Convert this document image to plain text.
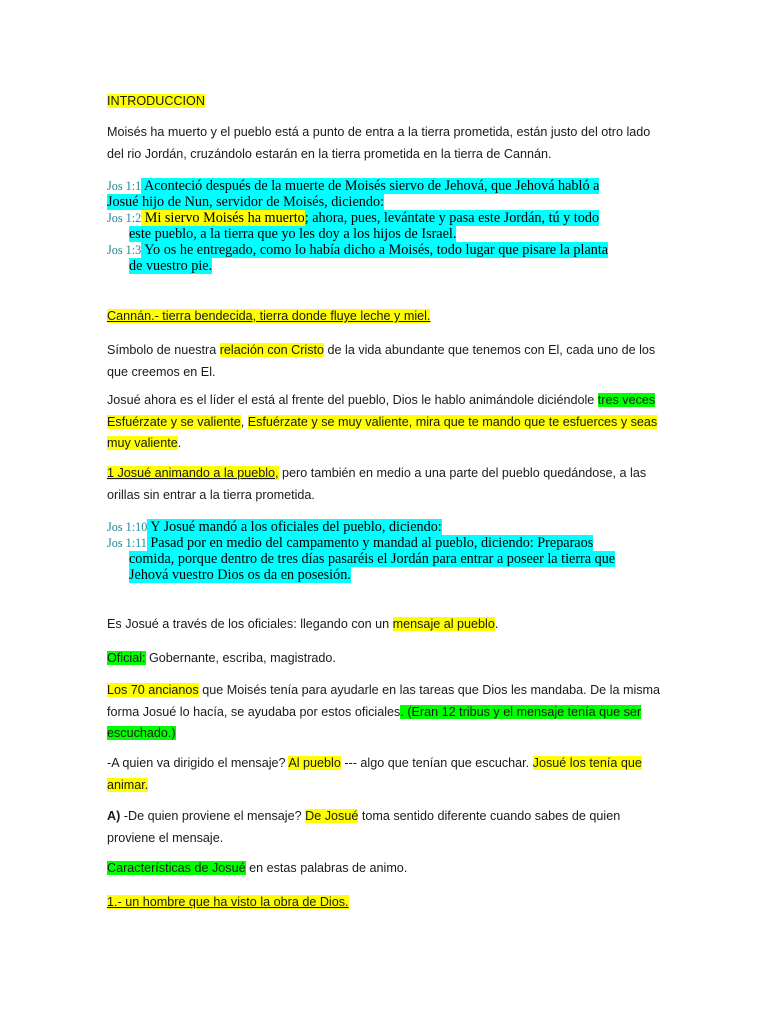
INTRODUCCION

Moisés ha muerto y el pueblo está a punto de entra a la tierra prometida, están justo del otro lado del rio Jordán, cruzándolo estarán en la tierra prometida en la tierra de Cannán.

Jos 1:1 Aconteció después de la muerte de Moisés siervo de Jehová, que Jehová habló a
Josué hijo de Nun, servidor de Moisés, diciendo:
Jos 1:2 Mi siervo Moisés ha muerto; ahora, pues, levántate y pasa este Jordán, tú y todo
este pueblo, a la tierra que yo les doy a los hijos de Israel.
Jos 1:3 Yo os he entregado, como lo había dicho a Moisés, todo lugar que pisare la planta
de vuestro pie.

Cannán.- tierra bendecida, tierra donde fluye leche y miel.

Símbolo de nuestra relación con Cristo de la vida abundante que tenemos con El, cada uno de los que creemos en El.

Josué ahora es el líder el está al frente del pueblo, Dios le hablo animándole diciéndole tres veces Esfuérzate y se valiente, Esfuérzate y se muy valiente, mira que te mando que te esfuerces y seas muy valiente.

1 Josué animando a la pueblo, pero también en medio a una parte del pueblo quedándose, a las orillas sin entrar a la tierra prometida.

Jos 1:10 Y Josué mandó a los oficiales del pueblo, diciendo:
Jos 1:11 Pasad por en medio del campamento y mandad al pueblo, diciendo: Preparaos
comida, porque dentro de tres días pasaréis el Jordán para entrar a poseer la tierra que
Jehová vuestro Dios os da en posesión.

Es Josué a través de los oficiales: llegando con un mensaje al pueblo.

Oficial: Gobernante, escriba, magistrado.

Los 70 ancianos que Moisés tenía para ayudarle en las tareas que Dios les mandaba. De la misma forma Josué lo hacía, se ayudaba por estos oficiales. (Eran 12 tribus y el mensaje tenía que ser escuchado.)

-A quien va dirigido el mensaje? Al pueblo --- algo que tenían que escuchar. Josué los tenía que animar.

A) -De quien proviene el mensaje? De Josué toma sentido diferente cuando sabes de quien proviene el mensaje.

Características de Josué en estas palabras de animo.

1.- un hombre que ha visto la obra de Dios.
